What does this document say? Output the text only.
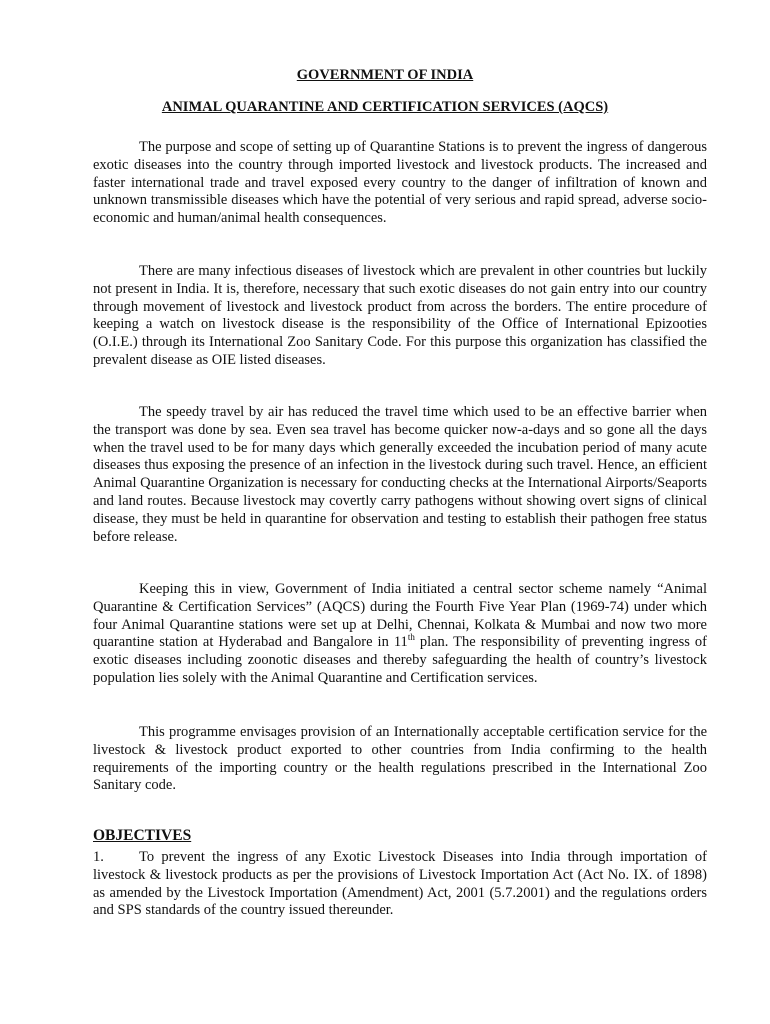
GOVERNMENT OF INDIA
ANIMAL QUARANTINE AND CERTIFICATION SERVICES (AQCS)

The purpose and scope of setting up of Quarantine Stations is to prevent the ingress of dangerous exotic diseases into the country through imported livestock and livestock products. The increased and faster international trade and travel exposed every country to the danger of infiltration of known and unknown transmissible diseases which have the potential of very serious and rapid spread, adverse socio-economic and human/animal health consequences.

There are many infectious diseases of livestock which are prevalent in other countries but luckily not present in India. It is, therefore, necessary that such exotic diseases do not gain entry into our country through movement of livestock and livestock product from across the borders. The entire procedure of keeping a watch on livestock disease is the responsibility of the Office of International Epizooties (O.I.E.) through its International Zoo Sanitary Code. For this purpose this organization has classified the prevalent disease as OIE listed diseases.

The speedy travel by air has reduced the travel time which used to be an effective barrier when the transport was done by sea. Even sea travel has become quicker now-a-days and so gone all the days when the travel used to be for many days which generally exceeded the incubation period of many acute diseases thus exposing the presence of an infection in the livestock during such travel. Hence, an efficient Animal Quarantine Organization is necessary for conducting checks at the International Airports/Seaports and land routes. Because livestock may covertly carry pathogens without showing overt signs of clinical disease, they must be held in quarantine for observation and testing to establish their pathogen free status before release.

Keeping this in view, Government of India initiated a central sector scheme namely “Animal Quarantine & Certification Services” (AQCS) during the Fourth Five Year Plan (1969-74) under which four Animal Quarantine stations were set up at Delhi, Chennai, Kolkata & Mumbai and now two more quarantine station at Hyderabad and Bangalore in 11th plan. The responsibility of preventing ingress of exotic diseases including zoonotic diseases and thereby safeguarding the health of country’s livestock population lies solely with the Animal Quarantine and Certification services.

This programme envisages provision of an Internationally acceptable certification service for the livestock & livestock product exported to other countries from India confirming to the health requirements of the importing country or the health regulations prescribed in the International Zoo Sanitary code.

OBJECTIVES

1. To prevent the ingress of any Exotic Livestock Diseases into India through importation of livestock & livestock products as per the provisions of Livestock Importation Act (Act No. IX. of 1898) as amended by the Livestock Importation (Amendment) Act, 2001 (5.7.2001) and the regulations orders and SPS standards of the country issued thereunder.
